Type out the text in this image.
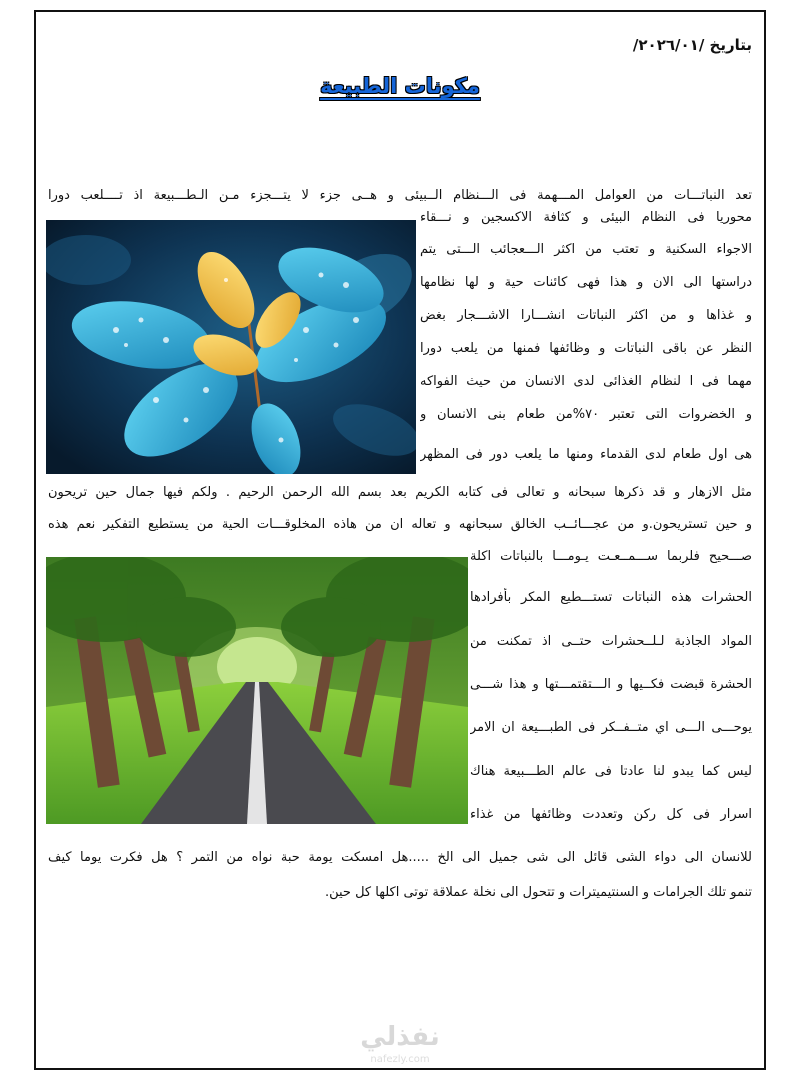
بتاريخ /٢٠٢٦/٠١/
مكونات الطبيعة
تعد النباتـــات من العوامل المـــهمة فى الـــنظام الــبيئى و هــى جزء لا يتـــجزء مـن الـطـــبيعة اذ تــــلعب دورا
محوريا فى النظام البيئى و كثافة الاكسجين و نـــقاء
الاجواء السكنية و تعتب من اكثر الـــعجائب الـــتى يتم
دراستها الى الان و هذا فهى كائنات حية و لها نظامها
و غذاها و من اكثر النباتات انشـــارا الاشـــجار بغض
النظر عن باقى النباتات و وظائفها فمنها من يلعب دورا
مهما فى ا لنظام الغذائى لدى الانسان من حيث الفواكه
و الخضروات التى تعتبر ٧٠%من طعام بنى الانسان و
هى اول طعام لدى القدماء ومنها ما يلعب دور فى المظهر
مثل الازهار و قد ذكرها سبحانه و تعالى فى كتابه الكريم بعد بسم الله الرحمن الرحيم . ولكم فيها جمال حين تريحون
و حين تستريحون.و من عجـــائــب الخالق سبحانهه و تعاله ان من هاذه المخلوقـــات الحية من يستطيع التفكير نعم هذه
صـــحيح فلربما ســـمــعـت يـومـــا بالنباتات اكلة
الحشرات هذه النباتات تستـــطيع المكر بأفرادها
المواد الجاذبة لـلــحشرات حتــى اذ تمكنت من
الحشرة قبضت فكــيها و الـــتقتمـــتها و هذا شـــى
يوحـــى الـــى اي متــفــكر فى الطبـــيعة ان الامر
ليس كما يبدو لنا عادتا فى عالم الطـــبيعة هناك
اسرار فى كل ركن وتعددت وظائفها من غذاء
للانسان الى دواء الشى قائل الى شى جميل الى الخ .....هل امسكت يومة حبة نواه من التمر ؟ هل فكرت يوما كيف
تنمو تلك الجرامات و السنتيميترات و تتحول الى نخلة عملاقة توتى اكلها كل حين.
نفذلي
nafezly.com
